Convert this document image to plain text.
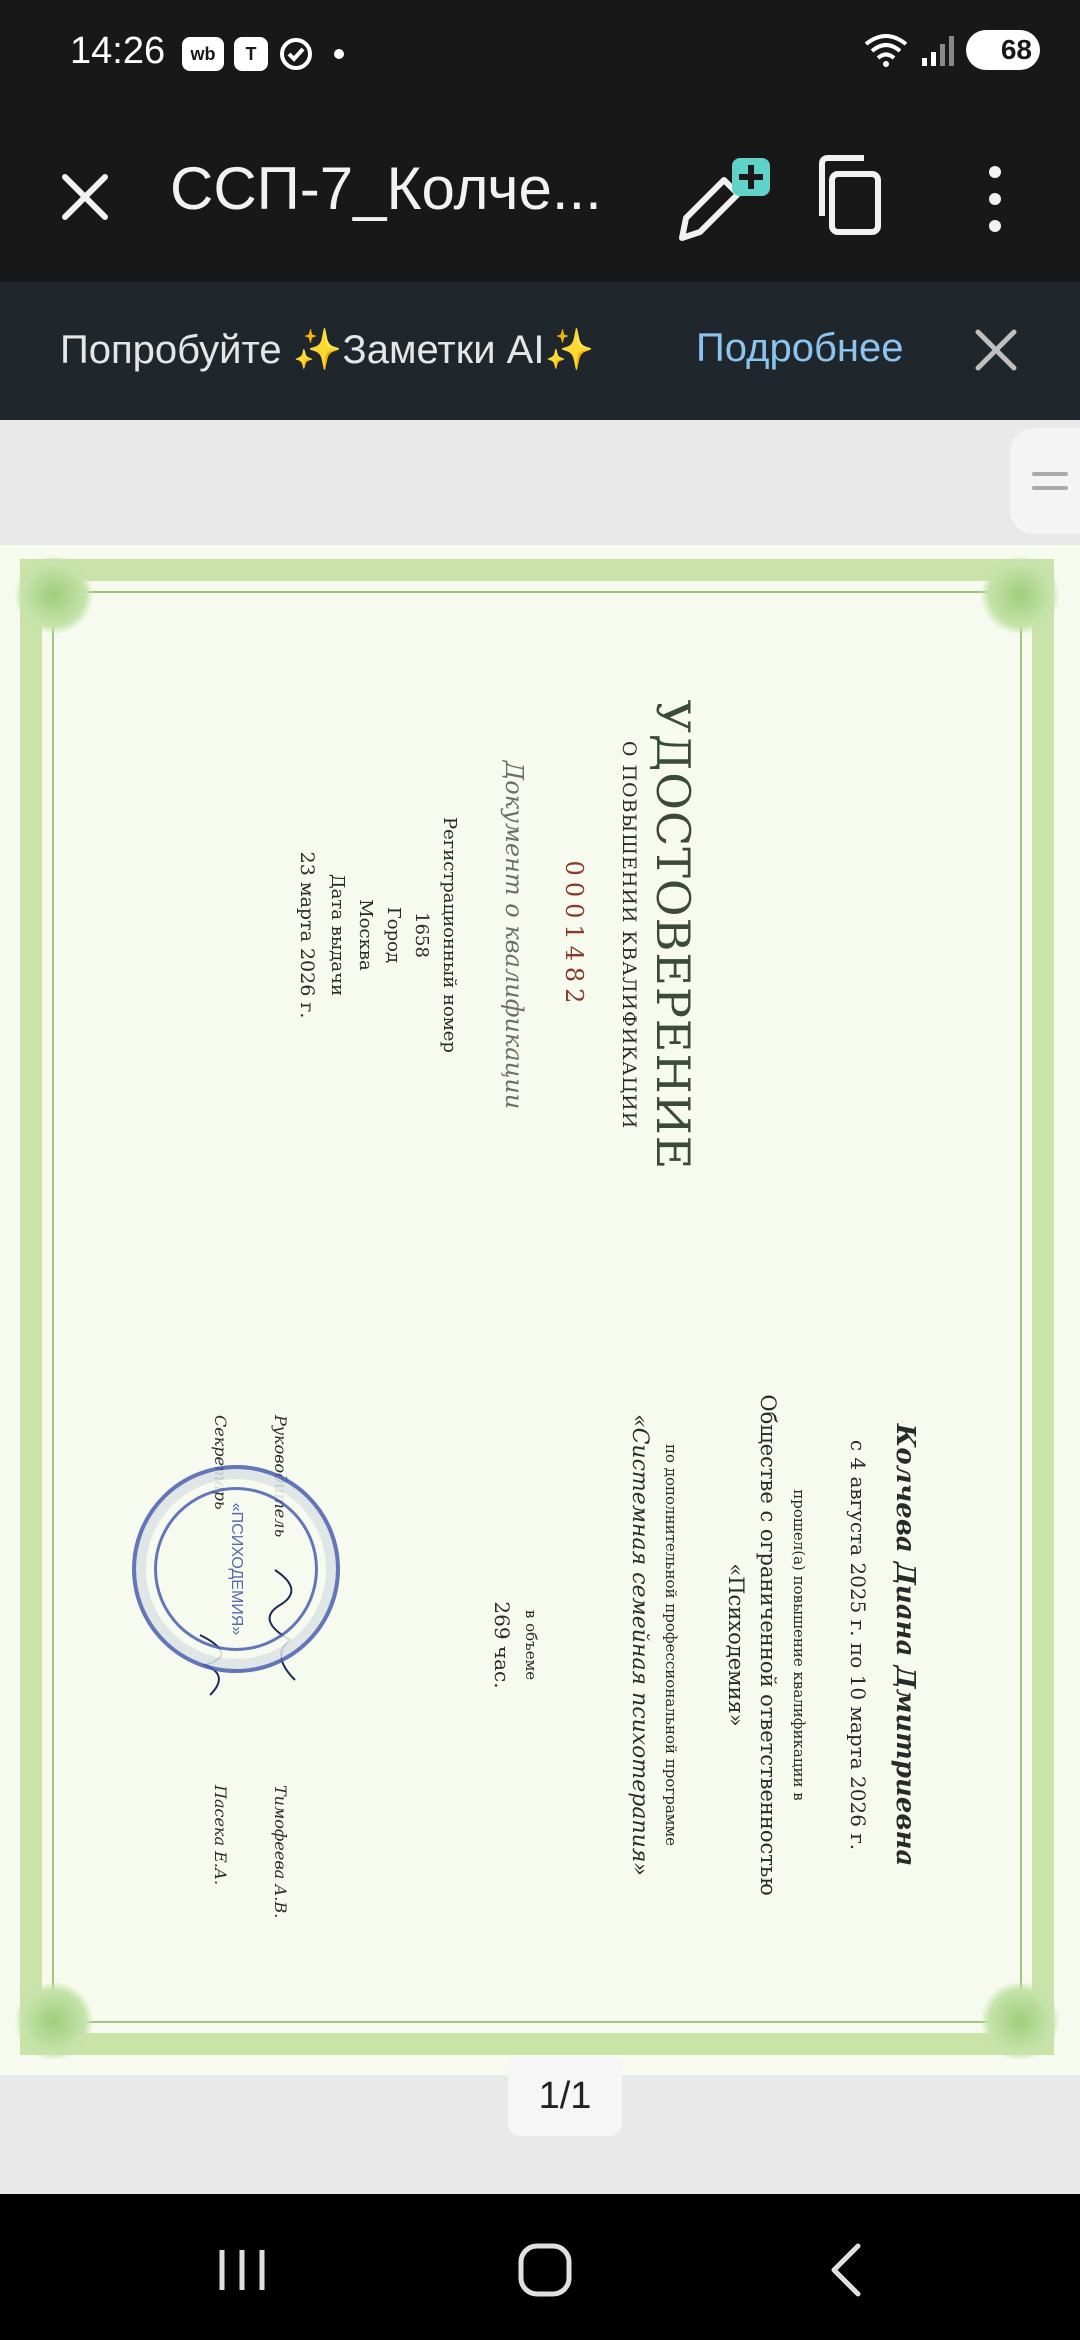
14:26	wb	T	68
ССП-7_Колче...
Попробуйте ✨Заметки AI✨	Подробнее
УДОСТОВЕРЕНИЕ
О ПОВЫШЕНИИ КВАЛИФИКАЦИИ
0001482
Документ о квалификации
Регистрационный номер
1658
Город
Москва
Дата выдачи
23 марта 2026 г.
Колчева Диана Дмитриевна
с 4 августа 2025 г. по 10 марта 2026 г.
прошел(а) повышение квалификации в
Обществе с ограниченной ответственностью
«Психодемия»
по дополнительной профессиональной программе
«Системная семейная психотерапия»
в объеме
269 час.
Руководитель
Тимофеева А.В.
Секретарь
Пасека Е.А.
«ПСИХОДЕМИЯ»
1/1
